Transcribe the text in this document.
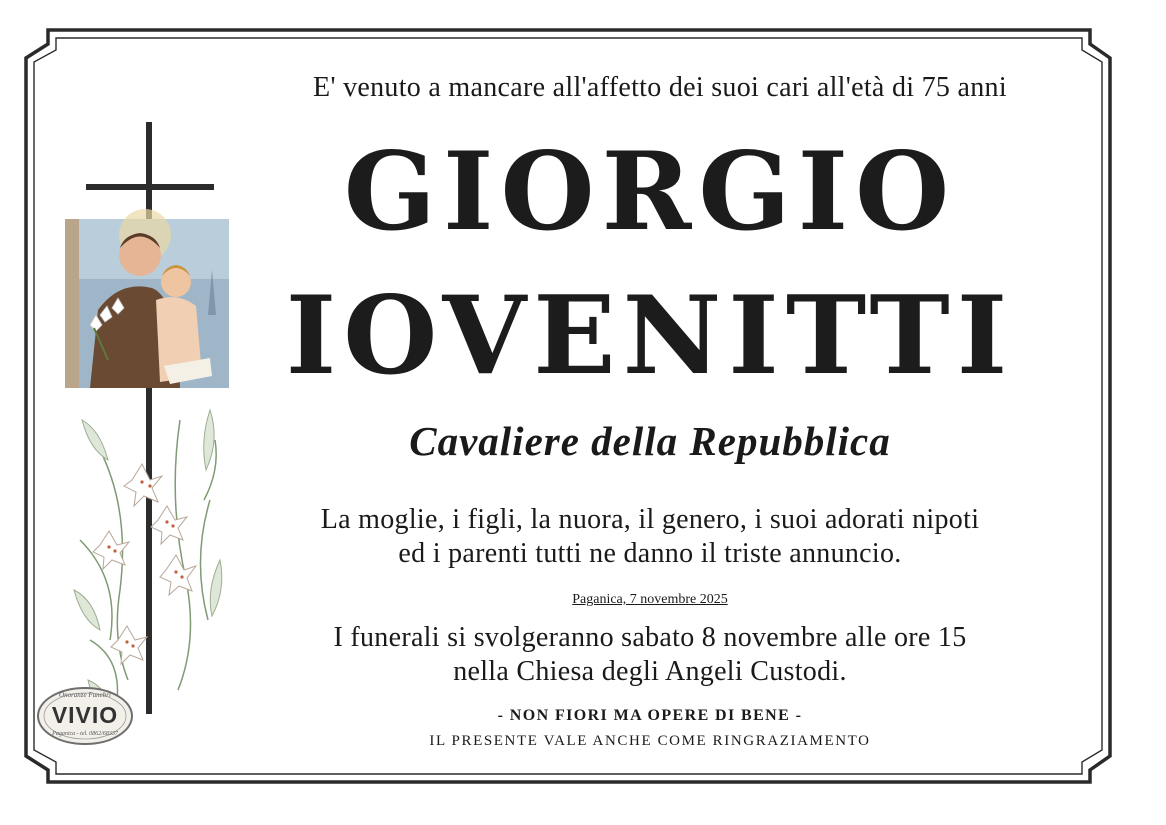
Onoranze Funebri
VIVIO
Paganica - tel. 0862/68337
E' venuto a mancare all'affetto dei suoi cari all'età di 75 anni
GIORGIO
IOVENITTI
Cavaliere della Repubblica
La moglie, i figli, la nuora, il genero, i suoi adorati nipoti
ed i parenti tutti ne danno il triste annuncio.
Paganica, 7 novembre 2025
I funerali si svolgeranno sabato 8 novembre alle ore 15
nella Chiesa degli Angeli Custodi.
- NON FIORI MA OPERE DI BENE -
IL PRESENTE VALE ANCHE COME RINGRAZIAMENTO
